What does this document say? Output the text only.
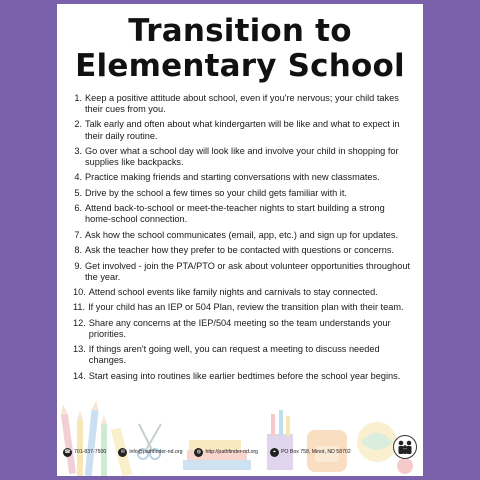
Transition to
Elementary School
1. Keep a positive attitude about school, even if you're nervous; your child takes their cues from you.
2. Talk early and often about what kindergarten will be like and what to expect in their daily routine.
3. Go over what a school day will look like and involve your child in shopping for supplies like backpacks.
4. Practice making friends and starting conversations with new classmates.
5. Drive by the school a few times so your child gets familiar with it.
6. Attend back-to-school or meet-the-teacher nights to start building a strong home-school connection.
7. Ask how the school communicates (email, app, etc.) and sign up for updates.
8. Ask the teacher how they prefer to be contacted with questions or concerns.
9. Get involved - join the PTA/PTO or ask about volunteer opportunities throughout the year.
10. Attend school events like family nights and carnivals to stay connected.
11. If your child has an IEP or 504 Plan, review the transition plan with their team.
12. Share any concerns at the IEP/504 meeting so the team understands your priorities.
13. If things aren't going well, you can request a meeting to discuss needed changes.
14. Start easing into routines like earlier bedtimes before the school year begins.
☎ 701-837-7500	✉ info@pathfinder-nd.org	◍ http://pathfinder-nd.org	⌖ PO Box 758, Minot, ND 58702
